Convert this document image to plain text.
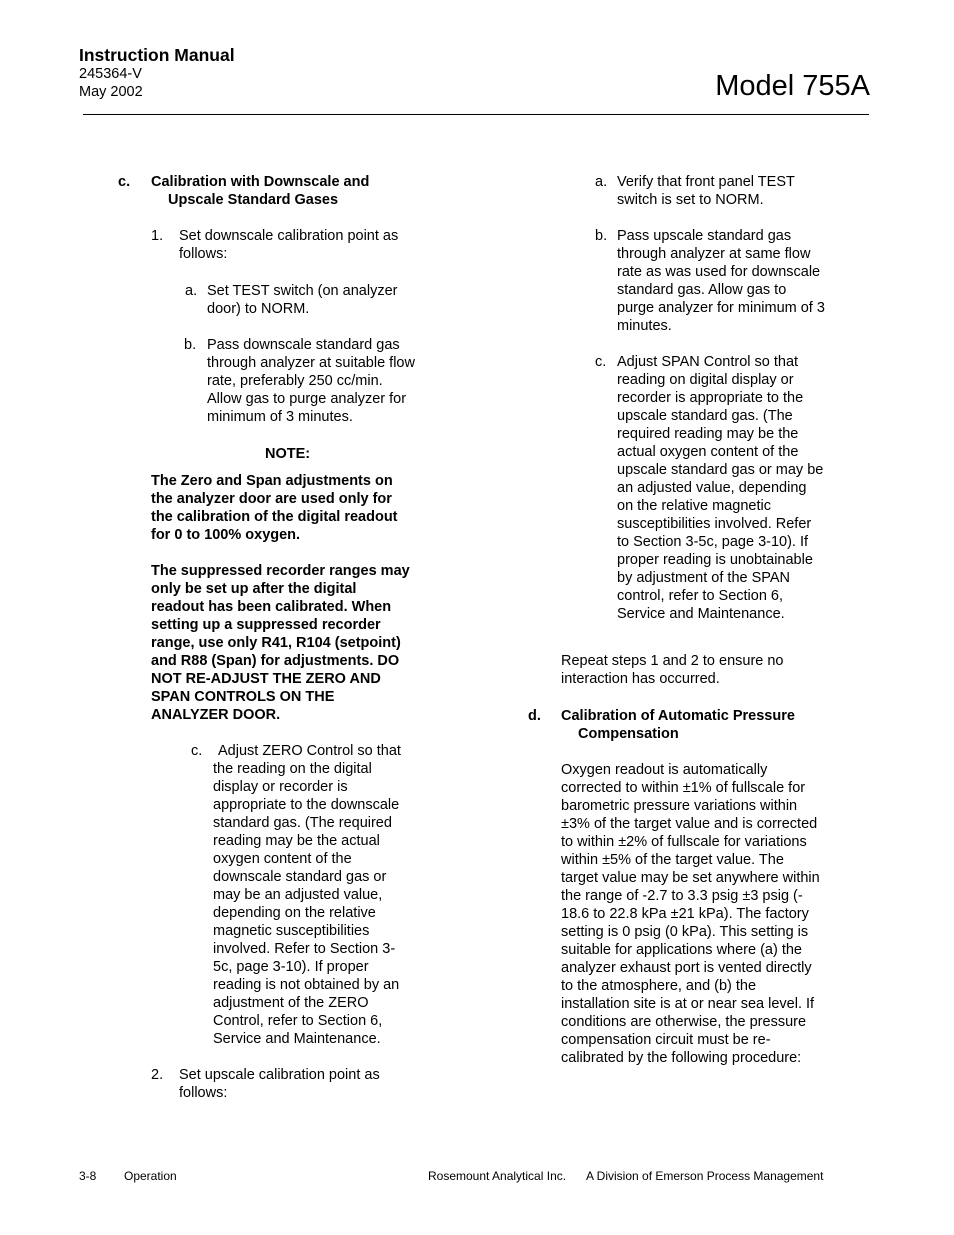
Instruction Manual
245364-V
May 2002	Model 755A
c. Calibration with Downscale and
Upscale Standard Gases
1. Set downscale calibration point as
follows:
a. Set TEST switch (on analyzer
door) to NORM.
b. Pass downscale standard gas

through analyzer at suitable flow

rate, preferably 250 cc/min.

Allow gas to purge analyzer for

minimum of 3 minutes.

NOTE:

The Zero and Span adjustments on

the analyzer door are used only for

the calibration of the digital readout

for 0 to 100% oxygen.

The suppressed recorder ranges may

only be set up after the digital

readout has been calibrated. When

setting up a suppressed recorder

range, use only R41, R104 (setpoint)

and R88 (Span) for adjustments. DO

NOT RE-ADJUST THE ZERO AND

SPAN CONTROLS ON THE

ANALYZER DOOR.

c.	Adjust ZERO Control so that

the reading on the digital

display or recorder is

appropriate to the downscale

standard gas. (The required

reading may be the actual

oxygen content of the

downscale standard gas or

may be an adjusted value,

depending on the relative

magnetic susceptibilities

involved. Refer to Section 3-

5c, page 3-10). If proper

reading is not obtained by an

adjustment of the ZERO

Control, refer to Section 6,

Service and Maintenance.

2. Set upscale calibration point as
follows:
a. Verify that front panel TEST

switch is set to NORM.

b. Pass upscale standard gas

through analyzer at same flow

rate as was used for downscale

standard gas. Allow gas to

purge analyzer for minimum of 3

minutes.

c. Adjust SPAN Control so that

reading on digital display or

recorder is appropriate to the

upscale standard gas. (The

required reading may be the

actual oxygen content of the

upscale standard gas or may be

an adjusted value, depending

on the relative magnetic

susceptibilities involved. Refer

to Section 3-5c, page 3-10). If

proper reading is unobtainable

by adjustment of the SPAN

control, refer to Section 6,

Service and Maintenance.

Repeat steps 1 and 2 to ensure no

interaction has occurred.

d. Calibration of Automatic Pressure
Compensation

Oxygen readout is automatically

corrected to within ±1% of fullscale for

barometric pressure variations within

±3% of the target value and is corrected

to within ±2% of fullscale for variations

within ±5% of the target value. The

target value may be set anywhere within

the range of -2.7 to 3.3 psig ±3 psig (-

18.6 to 22.8 kPa ±21 kPa). The factory

setting is 0 psig (0 kPa). This setting is

suitable for applications where (a) the

analyzer exhaust port is vented directly

to the atmosphere, and (b) the

installation site is at or near sea level. If

conditions are otherwise, the pressure

compensation circuit must be re-

calibrated by the following procedure:

3-8 Operation	Rosemount Analytical Inc. A Division of Emerson Process Management
